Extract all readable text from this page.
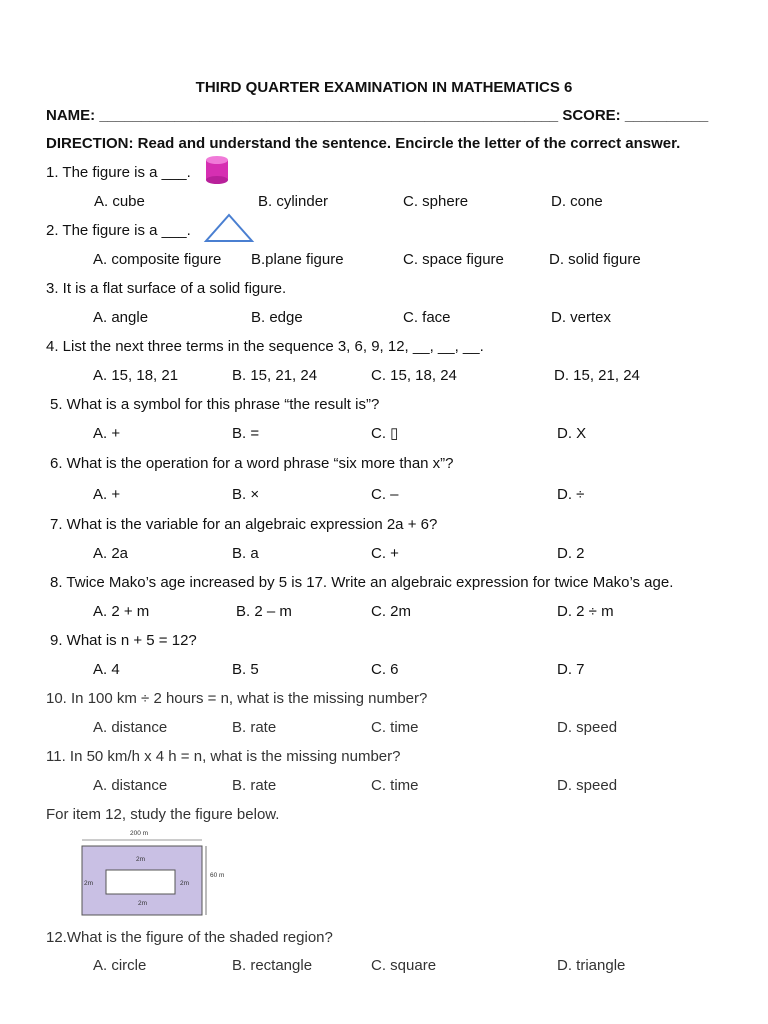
THIRD QUARTER EXAMINATION IN MATHEMATICS 6
NAME: _______________________________________________________ SCORE: __________
DIRECTION: Read and understand the sentence. Encircle the letter of the correct answer.
1. The figure is a ___.
A. cube	B. cylinder	C. sphere	D. cone
2. The figure is a ___.
A. composite figure B.plane figure	C. space figure	D. solid figure
3. It is a flat surface of a solid figure.
A. angle	B. edge	C. face	D. vertex
4. List the next three terms in the sequence 3, 6, 9, 12, __, __, __.
A. 15, 18, 21	B. 15, 21, 24	C. 15, 18, 24	D. 15, 21, 24
5. What is a symbol for this phrase “the result is”?
A. +	B. =	C. ▯	D. X
6. What is the operation for a word phrase “six more than x”?
A. +	B. ×	C. –	D. ÷
7. What is the variable for an algebraic expression 2a + 6?
A. 2a	B. a	C. +	D. 2
8. Twice Mako’s age increased by 5 is 17. Write an algebraic expression for twice Mako’s age.
A. 2 + m	B. 2 – m	C. 2m	D. 2 ÷ m
9. What is n + 5 = 12?
A. 4	B. 5	C. 6	D. 7
10. In 100 km ÷ 2 hours = n, what is the missing number?
A. distance	B. rate	C. time	D. speed
11. In 50 km/h x 4 h = n, what is the missing number?
A. distance	B. rate	C. time	D. speed
For item 12, study the figure below.
200 m
2m
2m	2m
2m
60 m
12.What is the figure of the shaded region?
A. circle	B. rectangle	C. square	D. triangle
